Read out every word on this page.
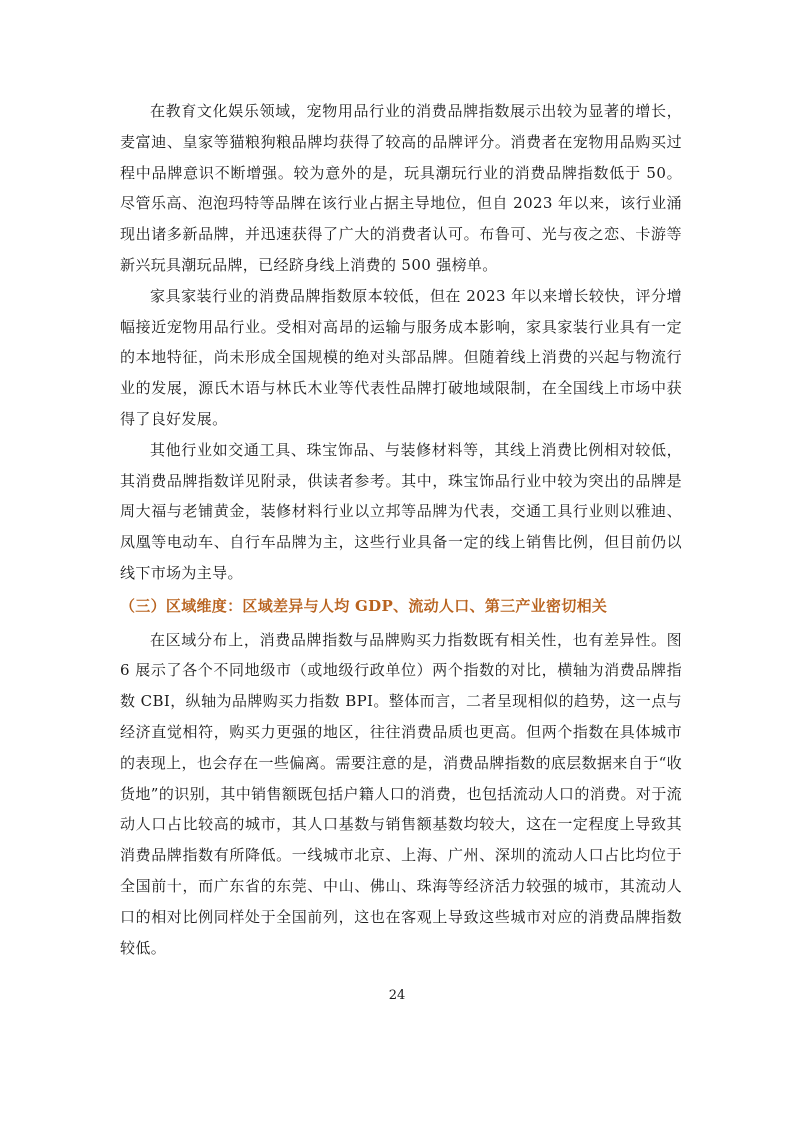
在教育文化娱乐领域，宠物用品行业的消费品牌指数展示出较为显著的增长，麦富迪、皇家等猫粮狗粮品牌均获得了较高的品牌评分。消费者在宠物用品购买过程中品牌意识不断增强。较为意外的是，玩具潮玩行业的消费品牌指数低于 50。尽管乐高、泡泡玛特等品牌在该行业占据主导地位，但自 2023 年以来，该行业涌现出诸多新品牌，并迅速获得了广大的消费者认可。布鲁可、光与夜之恋、卡游等新兴玩具潮玩品牌，已经跻身线上消费的 500 强榜单。

家具家装行业的消费品牌指数原本较低，但在 2023 年以来增长较快，评分增幅接近宠物用品行业。受相对高昂的运输与服务成本影响，家具家装行业具有一定的本地特征，尚未形成全国规模的绝对头部品牌。但随着线上消费的兴起与物流行业的发展，源氏木语与林氏木业等代表性品牌打破地域限制，在全国线上市场中获得了良好发展。

其他行业如交通工具、珠宝饰品、与装修材料等，其线上消费比例相对较低，其消费品牌指数详见附录，供读者参考。其中，珠宝饰品行业中较为突出的品牌是周大福与老铺黄金，装修材料行业以立邦等品牌为代表，交通工具行业则以雅迪、凤凰等电动车、自行车品牌为主，这些行业具备一定的线上销售比例，但目前仍以线下市场为主导。

（三）区域维度：区域差异与人均 GDP、流动人口、第三产业密切相关

在区域分布上，消费品牌指数与品牌购买力指数既有相关性，也有差异性。图 6 展示了各个不同地级市（或地级行政单位）两个指数的对比，横轴为消费品牌指数 CBI，纵轴为品牌购买力指数 BPI。整体而言，二者呈现相似的趋势，这一点与经济直觉相符，购买力更强的地区，往往消费品质也更高。但两个指数在具体城市的表现上，也会存在一些偏离。需要注意的是，消费品牌指数的底层数据来自于“收货地”的识别，其中销售额既包括户籍人口的消费，也包括流动人口的消费。对于流动人口占比较高的城市，其人口基数与销售额基数均较大，这在一定程度上导致其消费品牌指数有所降低。一线城市北京、上海、广州、深圳的流动人口占比均位于全国前十，而广东省的东莞、中山、佛山、珠海等经济活力较强的城市，其流动人口的相对比例同样处于全国前列，这也在客观上导致这些城市对应的消费品牌指数较低。

24
